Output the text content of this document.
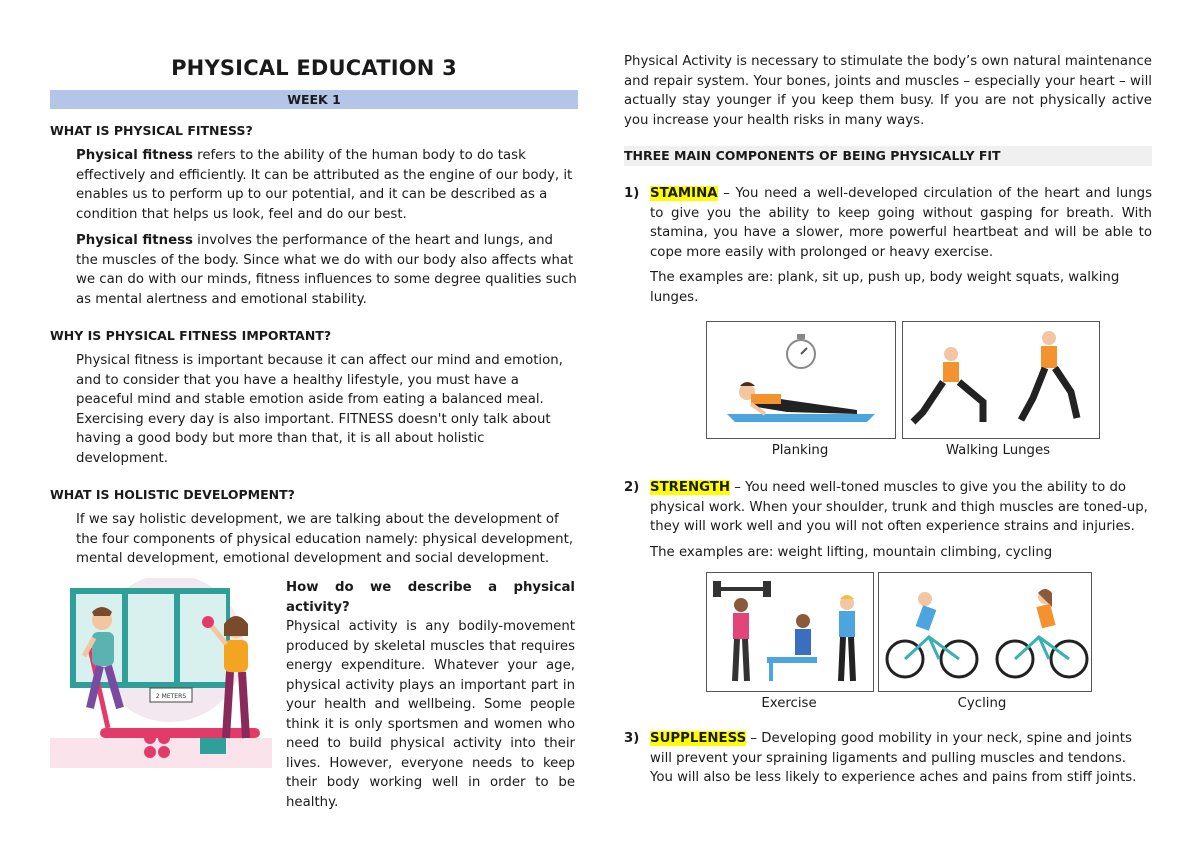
PHYSICAL EDUCATION 3
WEEK 1
WHAT IS PHYSICAL FITNESS?

Physical fitness refers to the ability of the human body to do task effectively and efficiently. It can be attributed as the engine of our body, it enables us to perform up to our potential, and it can be described as a condition that helps us look, feel and do our best.

Physical fitness involves the performance of the heart and lungs, and the muscles of the body. Since what we do with our body also affects what we can do with our minds, fitness influences to some degree qualities such as mental alertness and emotional stability.

WHY IS PHYSICAL FITNESS IMPORTANT?

Physical fitness is important because it can affect our mind and emotion, and to consider that you have a healthy lifestyle, you must have a peaceful mind and stable emotion aside from eating a balanced meal. Exercising every day is also important. FITNESS doesn't only talk about having a good body but more than that, it is all about holistic development.

WHAT IS HOLISTIC DEVELOPMENT?

If we say holistic development, we are talking about the development of the four components of physical education namely: physical development, mental development, emotional development and social development.

2 METERS
How do we describe a physical activity?
Physical activity is any bodily-movement produced by skeletal muscles that requires energy expenditure. Whatever your age, physical activity plays an important part in your health and wellbeing. Some people think it is only sportsmen and women who need to build physical activity into their lives. However, everyone needs to keep their body working well in order to be healthy.

Physical Activity is necessary to stimulate the body’s own natural maintenance and repair system. Your bones, joints and muscles – especially your heart – will actually stay younger if you keep them busy. If you are not physically active you increase your health risks in many ways.

THREE MAIN COMPONENTS OF BEING PHYSICALLY FIT
1) STAMINA – You need a well-developed circulation of the heart and lungs to give you the ability to keep going without gasping for breath. With stamina, you have a slower, more powerful heartbeat and will be able to cope more easily with prolonged or heavy exercise.
The examples are: plank, sit up, push up, body weight squats, walking lunges.
Planking	Walking Lunges
2) STRENGTH – You need well-toned muscles to give you the ability to do physical work. When your shoulder, trunk and thigh muscles are toned-up, they will work well and you will not often experience strains and injuries.
The examples are: weight lifting, mountain climbing, cycling
Exercise	Cycling
3) SUPPLENESS – Developing good mobility in your neck, spine and joints will prevent your spraining ligaments and pulling muscles and tendons. You will also be less likely to experience aches and pains from stiff joints.
